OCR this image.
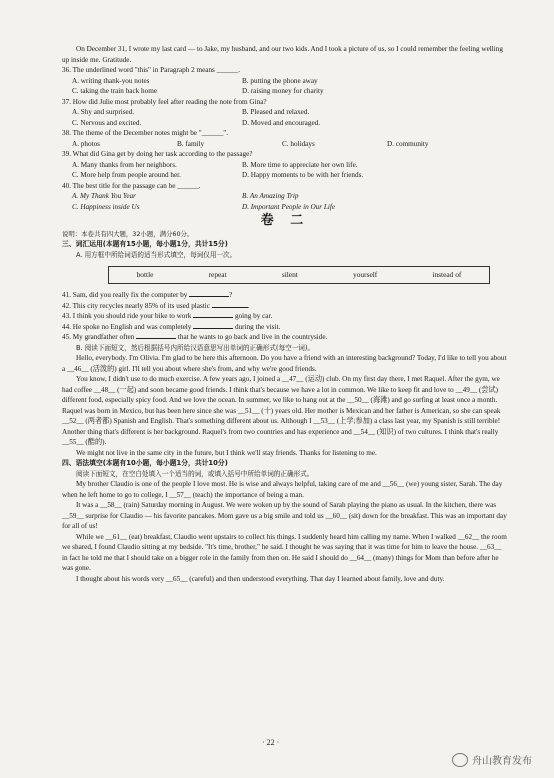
On December 31, I wrote my last card — to Jake, my husband, and our two kids. And I took a picture of us, so I could remember the feeling welling up inside me. Gratitude.

36. The underlined word "this" in Paragraph 2 means ______.

A. writing thank-you notes	B. putting the phone away
C. taking the train back home	D. raising money for charity

37. How did Julie most probably feel after reading the note from Gina?

A. Shy and surprised.	B. Pleased and relaxed.
C. Nervous and excited.	D. Moved and encouraged.

38. The theme of the December notes might be "______".

A. photos	B. family	C. holidays	D. community

39. What did Gina get by doing her task according to the passage?

A. Many thanks from her neighbors.	B. More time to appreciate her own life.
C. More help from people around her.	D. Happy moments to be with her friends.

40. The best title for the passage can be ______.

A. My Thank You Year	B. An Amazing Trip
C. Happiness inside Us	D. Important People in Our Life
卷 二

说明：本卷共有四大题，32小题，满分60分。

三、词汇运用(本题有15小题，每小题1分，共计15分)

A. 用方框中所给词语的适当形式填空，每词仅用一次。

bottle	repeat	silent	yourself	instead of

41. Sam, did you really fix the computer by	?

42. This city recycles nearly 85% of its used plastic	.

43. I think you should ride your bike to work	going by car.

44. He spoke no English and was completely	during the visit.

45. My grandfather often	that he wants to go back and live in the countryside.

B. 阅读下面短文，然后根据括号内所给汉语意思写出单词的正确形式(每空一词)。

Hello, everybody. I'm Olivia. I'm glad to be here this afternoon. Do you have a friend with an interesting background? Today, I'd like to tell you about a __46__ (活泼的) girl. I'll tell you about where she's from, and why we're good friends.

You know, I didn't use to do much exercise. A few years ago, I joined a __47__ (运动) club. On my first day there, I met Raquel. After the gym, we had coffee __48__ (一起) and soon became good friends. I think that's because we have a lot in common. We like to keep fit and love to __49__ (尝试) different food, especially spicy food. And we love the ocean. In summer, we like to hang out at the __50__ (海滩) and go surfing at least once a month. Raquel was born in Mexico, but has been here since she was __51__ (十) years old. Her mother is Mexican and her father is American, so she can speak __52__ (两者都) Spanish and English. That's something different about us. Although I __53__ (上学;参加) a class last year, my Spanish is still terrible! Another thing that's different is her background. Raquel's from two countries and has experience and __54__ (知识) of two cultures. I think that's really __55__ (酷的).

We might not live in the same city in the future, but I think we'll stay friends. Thanks for listening to me.

四、语法填空(本题有10小题，每小题1分，共计10分)

阅读下面短文，在空白处填入一个适当的词，或填入括号中所给单词的正确形式。

My brother Claudio is one of the people I love most. He is wise and always helpful, taking care of me and __56__ (we) young sister, Sarah. The day when he left home to go to college, I __57__ (teach) the importance of being a man.

It was a __58__ (rain) Saturday morning in August. We were woken up by the sound of Sarah playing the piano as usual. In the kitchen, there was __59__ surprise for Claudio — his favorite pancakes. Mom gave us a big smile and told us __60__ (sit) down for the breakfast. This was an important day for all of us!

While we __61__ (eat) breakfast, Claudio went upstairs to collect his things. I suddenly heard him calling my name. When I walked __62__ the room we shared, I found Claudio sitting at my bedside. "It's time, brother," he said. I thought he was saying that it was time for him to leave the house. __63__ in fact he told me that I should take on a bigger role in the family from then on. He said I should do __64__ (many) things for Mom than before after he was gone.

I thought about his words very __65__ (careful) and then understood everything. That day I learned about family, love and duty.

· 22 ·
舟山教育发布
